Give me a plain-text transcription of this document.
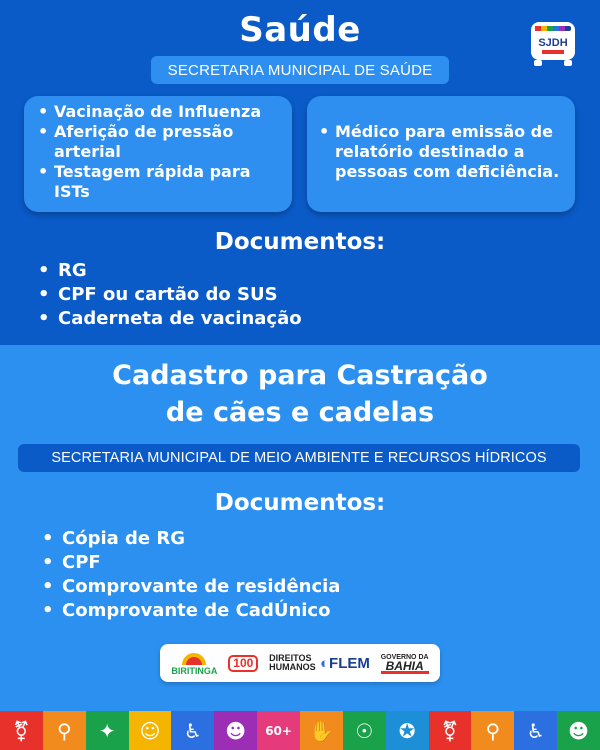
Saúde
SECRETARIA MUNICIPAL DE SAÚDE
SJDH
• Vacinação de Influenza
• Aferição de pressão arterial
• Testagem rápida para ISTs
• Médico para emissão de relatório destinado a pessoas com deficiência.
Documentos:
• RG
• CPF ou cartão do SUS
• Caderneta de vacinação
Cadastro para Castração
de cães e cadelas
SECRETARIA MUNICIPAL DE MEIO AMBIENTE E RECURSOS HÍDRICOS
Documentos:
• Cópia de RG
• CPF
• Comprovante de residência
• Comprovante de CadÚnico
BIRITINGA
100	DIREITOS HUMANOS ◐FLEM GOVERNO DA
BAHIA
⚧	⚲	✦	☺	♿	☻	60+ ✋	☉	✪	⚧	⚲	♿	☻
